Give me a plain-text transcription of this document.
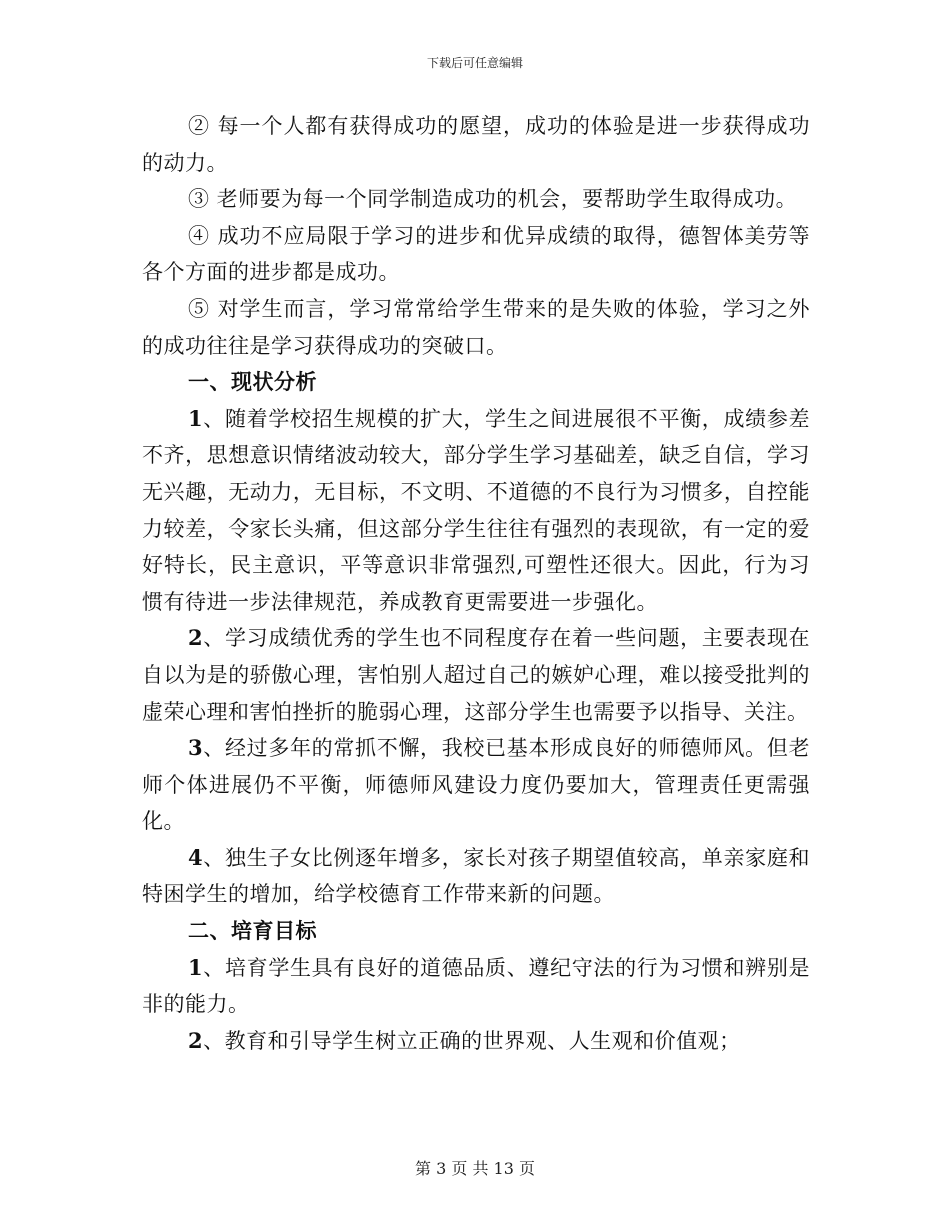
下载后可任意编辑

② 每一个人都有获得成功的愿望，成功的体验是进一步获得成功的动力。

③ 老师要为每一个同学制造成功的机会，要帮助学生取得成功。

④ 成功不应局限于学习的进步和优异成绩的取得，德智体美劳等各个方面的进步都是成功。

⑤ 对学生而言，学习常常给学生带来的是失败的体验，学习之外的成功往往是学习获得成功的突破口。

一、现状分析

1、随着学校招生规模的扩大，学生之间进展很不平衡，成绩参差不齐，思想意识情绪波动较大，部分学生学习基础差，缺乏自信，学习无兴趣，无动力，无目标，不文明、不道德的不良行为习惯多，自控能力较差，令家长头痛，但这部分学生往往有强烈的表现欲，有一定的爱好特长，民主意识，平等意识非常强烈,可塑性还很大。因此，行为习惯有待进一步法律规范，养成教育更需要进一步强化。

2、学习成绩优秀的学生也不同程度存在着一些问题，主要表现在自以为是的骄傲心理，害怕别人超过自己的嫉妒心理，难以接受批判的虚荣心理和害怕挫折的脆弱心理，这部分学生也需要予以指导、关注。

3、经过多年的常抓不懈，我校已基本形成良好的师德师风。但老师个体进展仍不平衡，师德师风建设力度仍要加大，管理责任更需强化。

4、独生子女比例逐年增多，家长对孩子期望值较高，单亲家庭和特困学生的增加，给学校德育工作带来新的问题。

二、培育目标

1、培育学生具有良好的道德品质、遵纪守法的行为习惯和辨别是非的能力。

2、教育和引导学生树立正确的世界观、人生观和价值观；

第 3 页 共 13 页
